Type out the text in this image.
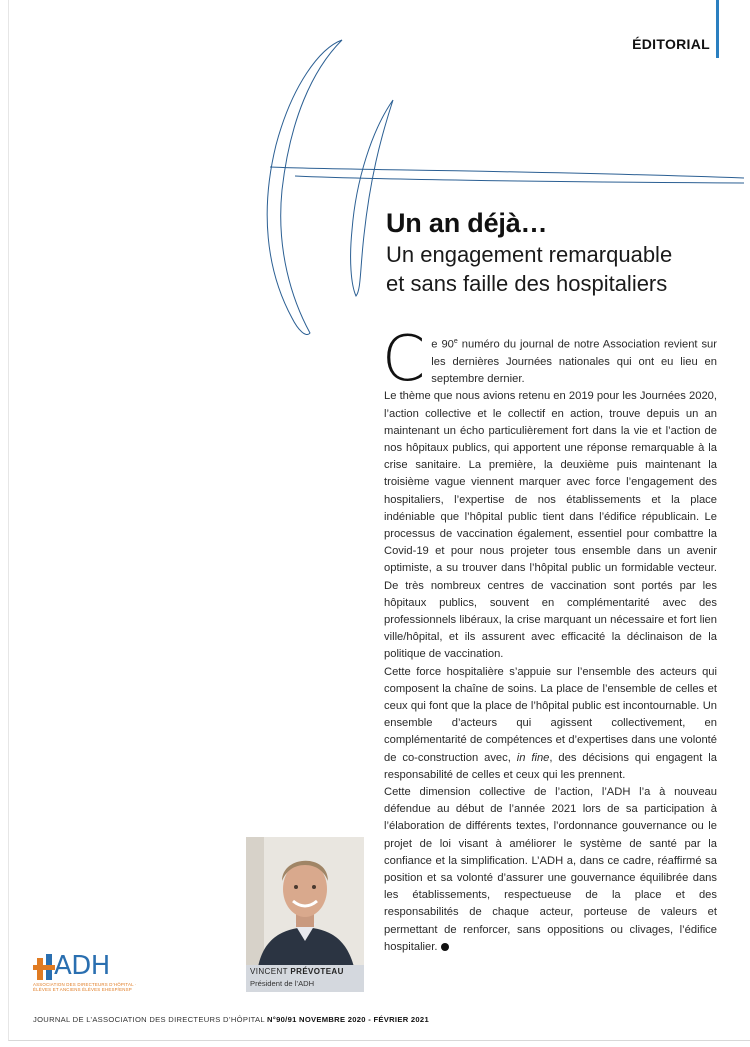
ÉDITORIAL
Un an déjà…
Un engagement remarquable
et sans faille des hospitaliers

Ce 90e numéro du journal de notre Association revient sur les dernières Journées nationales qui ont eu lieu en septembre dernier.

Le thème que nous avions retenu en 2019 pour les Journées 2020, l’action collective et le collectif en action, trouve depuis un an maintenant un écho particulièrement fort dans la vie et l’action de nos hôpitaux publics, qui apportent une réponse remarquable à la crise sanitaire. La première, la deuxième puis maintenant la troisième vague viennent marquer avec force l’engagement des hospitaliers, l’expertise de nos établissements et la place indéniable que l’hôpital public tient dans l’édifice républicain. Le processus de vaccination également, essentiel pour combattre la Covid-19 et pour nous projeter tous ensemble dans un avenir optimiste, a su trouver dans l’hôpital public un formidable vecteur. De très nombreux centres de vaccination sont portés par les hôpitaux publics, souvent en complémentarité avec des professionnels libéraux, la crise marquant un nécessaire et fort lien ville/hôpital, et ils assurent avec efficacité la déclinaison de la politique de vaccination.

Cette force hospitalière s’appuie sur l’ensemble des acteurs qui composent la chaîne de soins. La place de l’ensemble de celles et ceux qui font que la place de l’hôpital public est incontournable. Un ensemble d’acteurs qui agissent collectivement, en complémentarité de compétences et d’expertises dans une volonté de co-construction avec, in fine, des décisions qui engagent la responsabilité de celles et ceux qui les prennent.

Cette dimension collective de l’action, l’ADH l’a à nouveau défendue au début de l’année 2021 lors de sa participation à l’élaboration de différents textes, l’ordonnance gouvernance ou le projet de loi visant à améliorer le système de santé par la confiance et la simplification. L’ADH a, dans ce cadre, réaffirmé sa position et sa volonté d’assurer une gouvernance équilibrée dans les établissements, respectueuse de la place et des responsabilités de chaque acteur, porteuse de valeurs et permettant de renforcer, sans oppositions ou clivages, l’édifice hospitalier.

VINCENT PRÉVOTEAU
Président de l’ADH
ADH
ASSOCIATION DES DIRECTEURS D’HÔPITAL · ÉLÈVES ET ANCIENS ÉLÈVES EHESP/ENSP
JOURNAL DE L’ASSOCIATION DES DIRECTEURS D’HÔPITAL N°90/91 NOVEMBRE 2020 - FÉVRIER 2021
